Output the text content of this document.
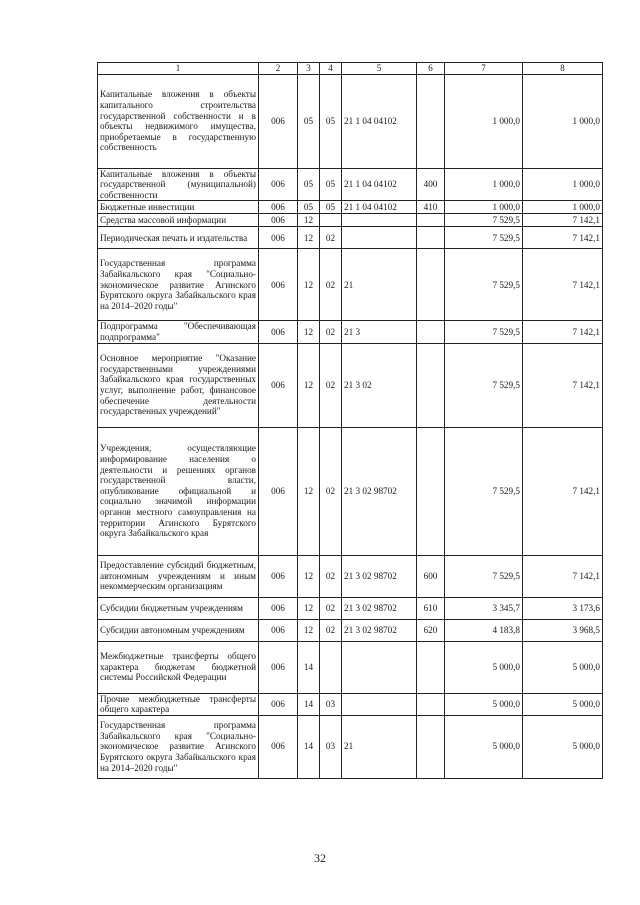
1	2	3	4	5	6	7	8
Капитальные вложения в объекты капитального строительства государственной собственности и в объекты недвижимого имущества, приобретаемые в государственную собственность	006	05	05	21 1 04 04102		1 000,0	1 000,0
Капитальные вложения в объекты государственной (муниципальной) собственности	006	05	05	21 1 04 04102	400	1 000,0	1 000,0
Бюджетные инвестиции	006	05	05	21 1 04 04102	410	1 000,0	1 000,0
Средства массовой информации	006	12				7 529,5	7 142,1
Периодическая печать и издательства	006	12	02			7 529,5	7 142,1
Государственная программа Забайкальского края "Социально-экономическое развитие Агинского Бурятского округа Забайкальского края на 2014–2020 годы"	006	12	02	21		7 529,5	7 142,1
Подпрограмма "Обеспечивающая подпрограмма"	006	12	02	21 3		7 529,5	7 142,1
Основное мероприятие "Оказание государственными учреждениями Забайкальского края государственных услуг, выполнение работ, финансовое обеспечение деятельности государственных учреждений"	006	12	02	21 3 02		7 529,5	7 142,1
Учреждения, осуществляющие информирование населения о деятельности и решениях органов государственной власти, опубликование официальной и социально значимой информации органов местного самоуправления на территории Агинского Бурятского округа Забайкальского края	006	12	02	21 3 02 98702		7 529,5	7 142,1
Предоставление субсидий бюджетным, автономным учреждениям и иным некоммерческим организациям	006	12	02	21 3 02 98702	600	7 529,5	7 142,1
Субсидии бюджетным учреждениям	006	12	02	21 3 02 98702	610	3 345,7	3 173,6
Субсидии автономным учреждениям	006	12	02	21 3 02 98702	620	4 183,8	3 968,5
Межбюджетные трансферты общего характера бюджетам бюджетной системы Российской Федерации	006	14				5 000,0	5 000,0
Прочие межбюджетные трансферты общего характера	006	14	03			5 000,0	5 000,0
Государственная программа Забайкальского края "Социально-экономическое развитие Агинского Бурятского округа Забайкальского края на 2014–2020 годы"	006	14	03	21		5 000,0	5 000,0
32
